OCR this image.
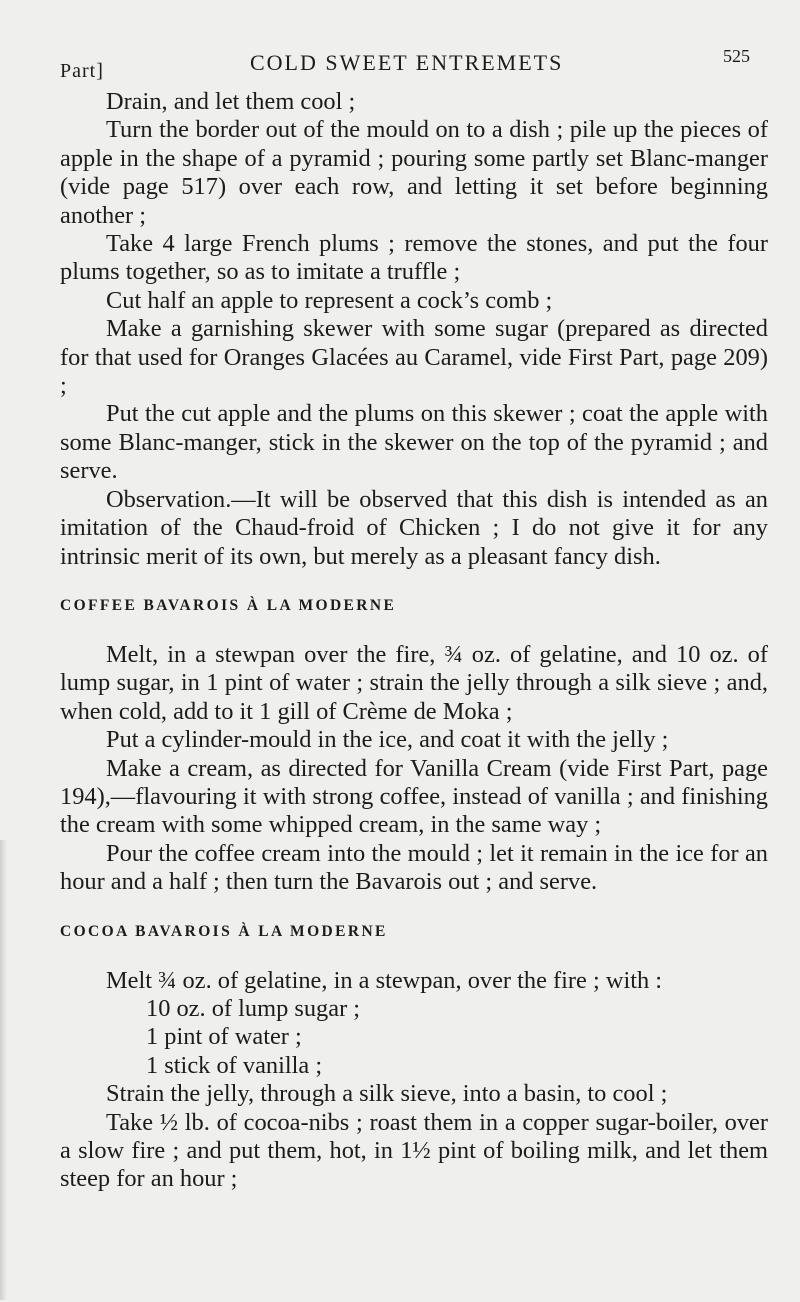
Part]	COLD SWEET ENTREMETS	525

Drain, and let them cool ;

Turn the border out of the mould on to a dish ; pile up the pieces of apple in the shape of a pyramid ; pouring some partly set Blanc-manger (vide page 517) over each row, and letting it set before beginning another ;

Take 4 large French plums ; remove the stones, and put the four plums together, so as to imitate a truffle ;

Cut half an apple to represent a cock’s comb ;

Make a garnishing skewer with some sugar (prepared as directed for that used for Oranges Glacées au Caramel, vide First Part, page 209) ;

Put the cut apple and the plums on this skewer ; coat the apple with some Blanc-manger, stick in the skewer on the top of the pyramid ; and serve.

Observation.—It will be observed that this dish is intended as an imitation of the Chaud-froid of Chicken ; I do not give it for any intrinsic merit of its own, but merely as a pleasant fancy dish.

COFFEE BAVAROIS À LA MODERNE

Melt, in a stewpan over the fire, ¾ oz. of gelatine, and 10 oz. of lump sugar, in 1 pint of water ; strain the jelly through a silk sieve ; and, when cold, add to it 1 gill of Crème de Moka ;

Put a cylinder-mould in the ice, and coat it with the jelly ;

Make a cream, as directed for Vanilla Cream (vide First Part, page 194),—flavouring it with strong coffee, instead of vanilla ; and finishing the cream with some whipped cream, in the same way ;

Pour the coffee cream into the mould ; let it remain in the ice for an hour and a half ; then turn the Bavarois out ; and serve.

COCOA BAVAROIS À LA MODERNE

Melt ¾ oz. of gelatine, in a stewpan, over the fire ; with :

10 oz. of lump sugar ;

1 pint of water ;

1 stick of vanilla ;

Strain the jelly, through a silk sieve, into a basin, to cool ;

Take ½ lb. of cocoa-nibs ; roast them in a copper sugar-boiler, over a slow fire ; and put them, hot, in 1½ pint of boiling milk, and let them steep for an hour ;
